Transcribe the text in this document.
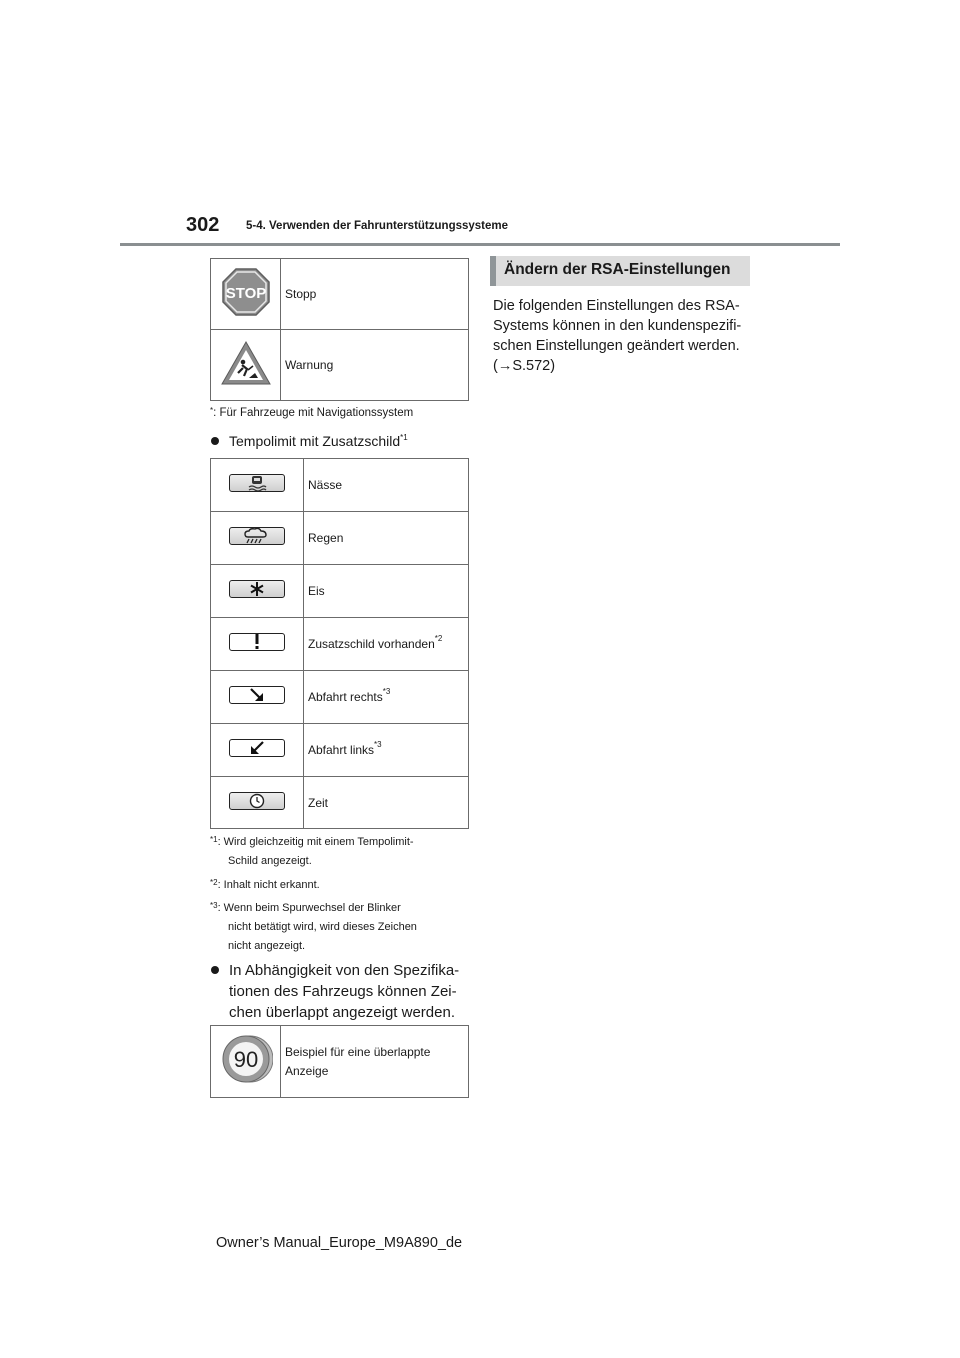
302 5-4. Verwenden der Fahrunterstützungssysteme
STOP	Stopp
	Warnung
*: Für Fahrzeuge mit Navigationssystem
Tempolimit mit Zusatzschild$^{*1}$
	Nässe

	Regen

	Eis

	Zusatzschild vorhanden$^{*2}$

	Abfahrt rechts$^{*3}$

	Abfahrt links$^{*3}$

	Zeit
$^{*1}$: Wird gleichzeitig mit einem Tempolimit-
Schild angezeigt.
$^{*2}$: Inhalt nicht erkannt.
$^{*3}$: Wenn beim Spurwechsel der Blinker
nicht betätigt wird, wird dieses Zeichen
nicht angezeigt.
In Abhängigkeit von den Spezifika-
tionen des Fahrzeugs können Zei-
chen überlappt angezeigt werden.
90	Beispiel für eine überlappte
Anzeige
Ändern der RSA-Einstellungen
Die folgenden Einstellungen des RSA-
Systems können in den kundenspezifi-
schen Einstellungen geändert werden.
(→S.572)
Owner’s Manual_Europe_M9A890_de
